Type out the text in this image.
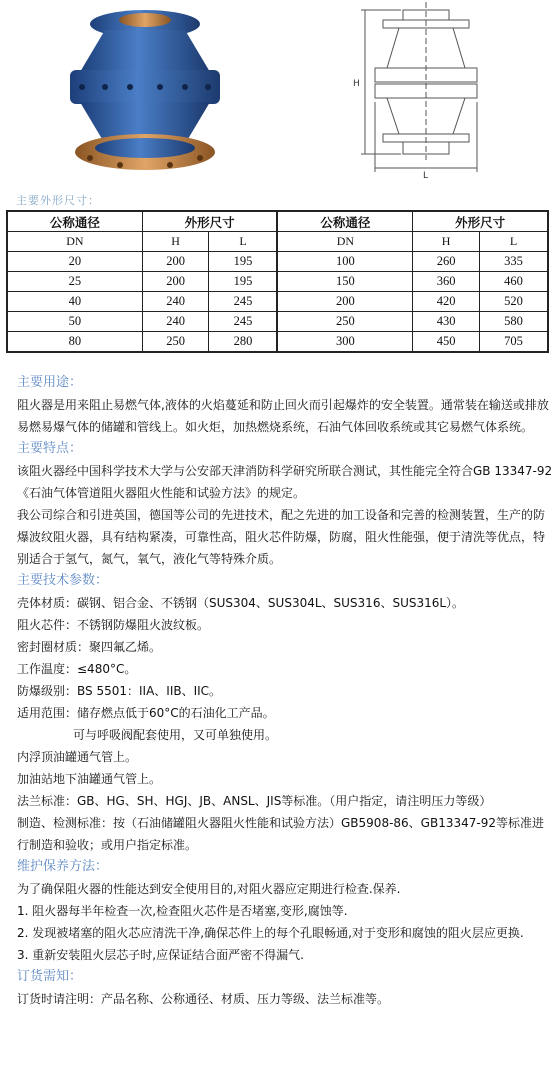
H
L
主要外形尺寸：
公称通径	外形尺寸		公称通径	外形尺寸	
DN	H	L	DN	H	L
20	200	195	100	260	335
25	200	195	150	360	460
40	240	245	200	420	520
50	240	245	250	430	580
80	250	280	300	450	705
主要用途：

阻火器是用来阻止易燃气体,液体的火焰蔓延和防止回火而引起爆炸的安全装置。通常装在输送或排放易燃易爆气体的储罐和管线上。如火炬，加热燃烧系统，石油气体回收系统或其它易燃气体系统。

主要特点：

该阻火器经中国科学技术大学与公安部天津消防科学研究所联合测试，其性能完全符合GB 13347-92《石油气体管道阻火器阻火性能和试验方法》的规定。

我公司综合和引进英国，德国等公司的先进技术，配之先进的加工设备和完善的检测装置，生产的防爆波纹阻火器，具有结构紧凑，可靠性高，阻火芯件防爆，防腐，阻火性能强，便于清洗等优点，特别适合于氢气，氮气，氧气，液化气等特殊介质。

主要技术参数：

壳体材质：碳钢、铝合金、不锈钢（SUS304、SUS304L、SUS316、SUS316L）。

阻火芯件：不锈钢防爆阻火波纹板。

密封圈材质：聚四氟乙烯。

工作温度：≤480°C。

防爆级别：BS 5501：IIA、IIB、IIC。

适用范围：储存燃点低于60°C的石油化工产品。

可与呼吸阀配套使用，又可单独使用。

内浮顶油罐通气管上。

加油站地下油罐通气管上。

法兰标准：GB、HG、SH、HGJ、JB、ANSL、JIS等标准。（用户指定，请注明压力等级）

制造、检测标准：按（石油储罐阻火器阻火性能和试验方法）GB5908-86、GB13347-92等标准进行制造和验收；或用户指定标准。

维护保养方法：

为了确保阻火器的性能达到安全使用目的,对阻火器应定期进行检查.保养.

1. 阻火器每半年检查一次,检查阻火芯件是否堵塞,变形,腐蚀等.

2. 发现被堵塞的阻火芯应清洗干净,确保芯件上的每个孔眼畅通,对于变形和腐蚀的阻火层应更换.

3. 重新安装阻火层芯子时,应保证结合面严密不得漏气.

订货需知：

订货时请注明：产品名称、公称通径、材质、压力等级、法兰标准等。
